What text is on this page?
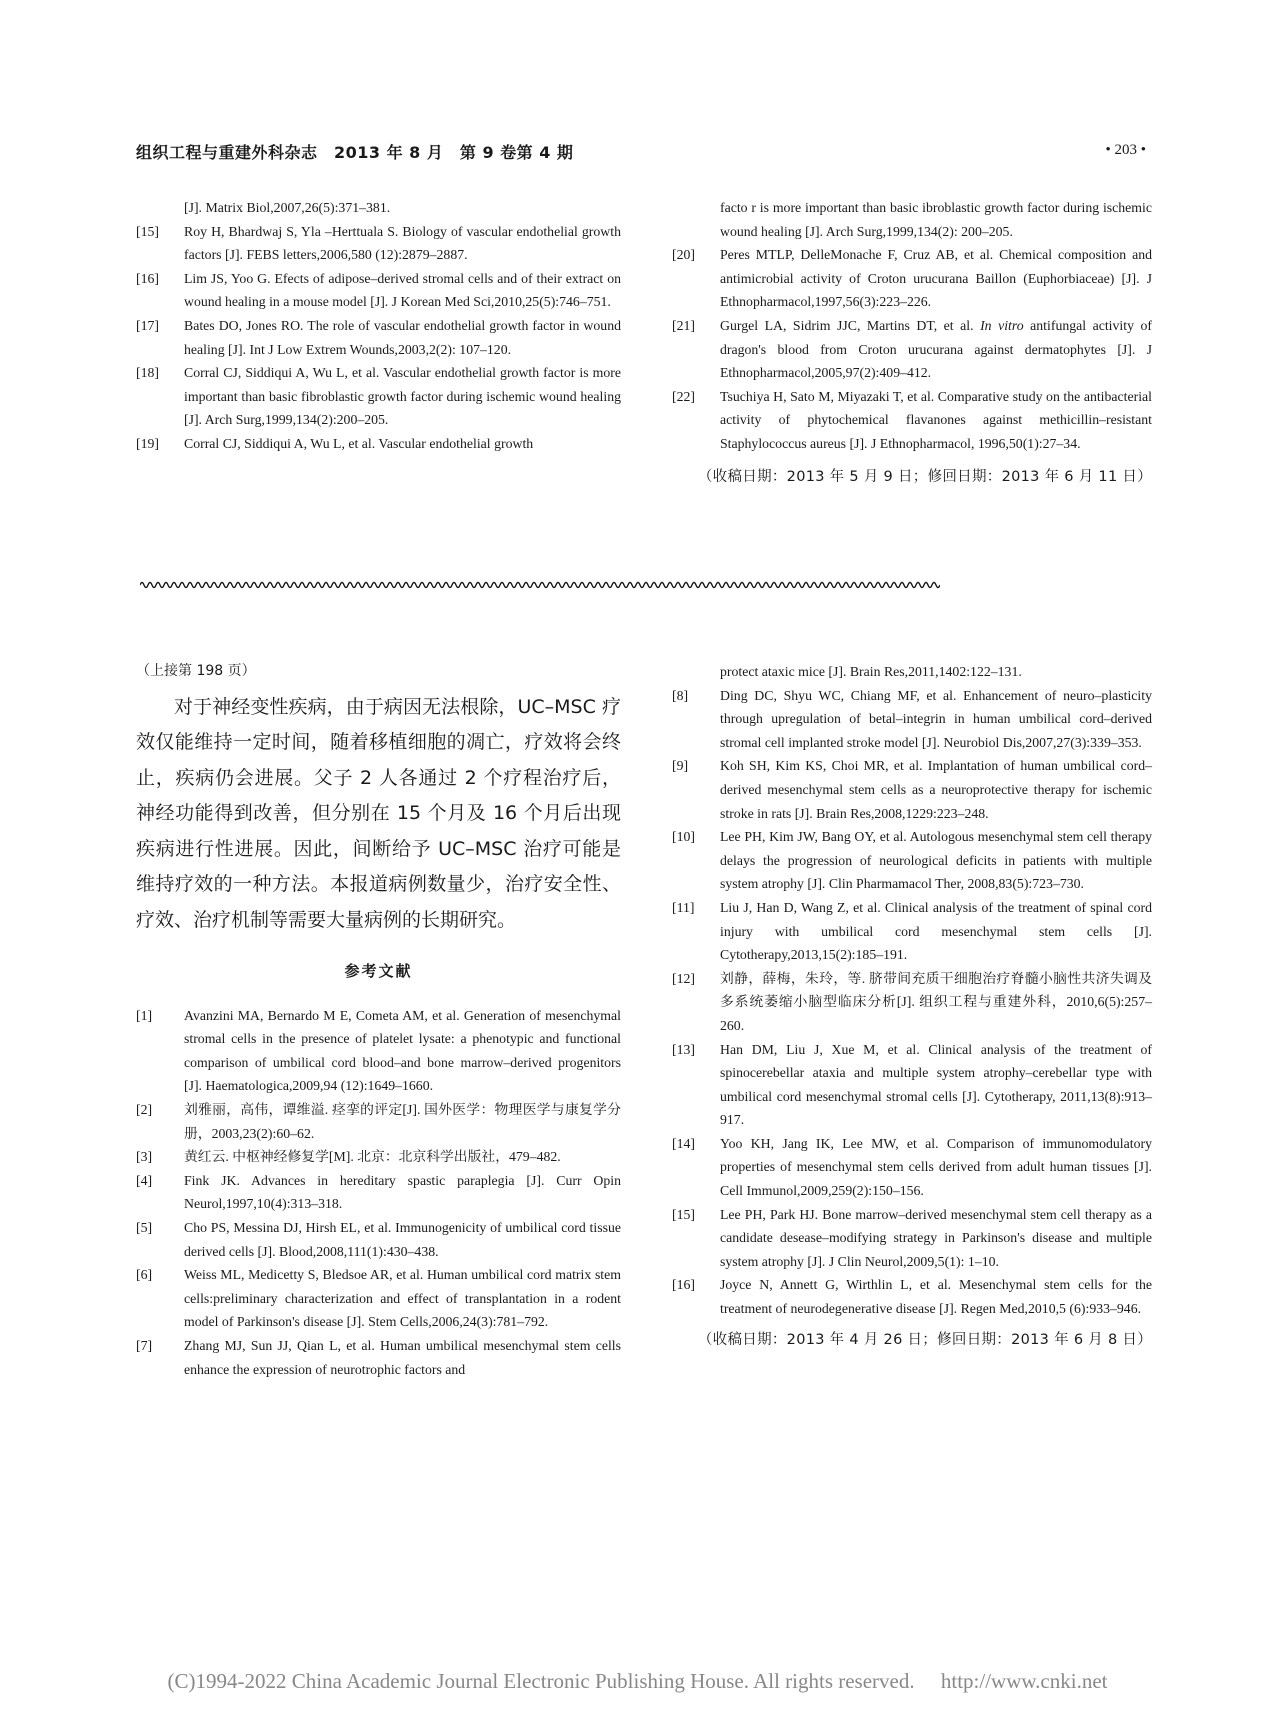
组织工程与重建外科杂志　2013 年 8 月　第 9 卷第 4 期	• 203 •
[J]. Matrix Biol,2007,26(5):371–381.
[15] Roy H, Bhardwaj S, Yla –Herttuala S. Biology of vascular endothelial growth factors [J]. FEBS letters,2006,580 (12):2879–2887.
[16] Lim JS, Yoo G. Efects of adipose–derived stromal cells and of their extract on wound healing in a mouse model [J]. J Korean Med Sci,2010,25(5):746–751.
[17] Bates DO, Jones RO. The role of vascular endothelial growth factor in wound healing [J]. Int J Low Extrem Wounds,2003,2(2): 107–120.
[18] Corral CJ, Siddiqui A, Wu L, et al. Vascular endothelial growth factor is more important than basic fibroblastic growth factor during ischemic wound healing [J]. Arch Surg,1999,134(2):200–205.
[19] Corral CJ, Siddiqui A, Wu L, et al. Vascular endothelial growth
facto r is more important than basic ibroblastic growth factor during ischemic wound healing [J]. Arch Surg,1999,134(2): 200–205.
[20] Peres MTLP, DelleMonache F, Cruz AB, et al. Chemical composition and antimicrobial activity of Croton urucurana Baillon (Euphorbiaceae) [J]. J Ethnopharmacol,1997,56(3):223–226.
[21] Gurgel LA, Sidrim JJC, Martins DT, et al. In vitro antifungal activity of dragon's blood from Croton urucurana against dermatophytes [J]. J Ethnopharmacol,2005,97(2):409–412.
[22] Tsuchiya H, Sato M, Miyazaki T, et al. Comparative study on the antibacterial activity of phytochemical flavanones against methicillin–resistant Staphylococcus aureus [J]. J Ethnopharmacol, 1996,50(1):27–34.
（收稿日期：2013 年 5 月 9 日；修回日期：2013 年 6 月 11 日）
（上接第 198 页）

对于神经变性疾病，由于病因无法根除，UC–MSC 疗效仅能维持一定时间，随着移植细胞的凋亡，疗效将会终止，疾病仍会进展。父子 2 人各通过 2 个疗程治疗后，神经功能得到改善，但分别在 15 个月及 16 个月后出现疾病进行性进展。因此，间断给予 UC–MSC 治疗可能是维持疗效的一种方法。本报道病例数量少，治疗安全性、疗效、治疗机制等需要大量病例的长期研究。

参考文献
[1] Avanzini MA, Bernardo M E, Cometa AM, et al. Generation of mesenchymal stromal cells in the presence of platelet lysate: a phenotypic and functional comparison of umbilical cord blood–and bone marrow–derived progenitors [J]. Haematologica,2009,94 (12):1649–1660.
[2] 刘雅丽，高伟，谭维溢. 痉挛的评定[J]. 国外医学：物理医学与康复学分册，2003,23(2):60–62.
[3] 黄红云. 中枢神经修复学[M]. 北京：北京科学出版社，479–482.
[4] Fink JK. Advances in hereditary spastic paraplegia [J]. Curr Opin Neurol,1997,10(4):313–318.
[5] Cho PS, Messina DJ, Hirsh EL, et al. Immunogenicity of umbilical cord tissue derived cells [J]. Blood,2008,111(1):430–438.
[6] Weiss ML, Medicetty S, Bledsoe AR, et al. Human umbilical cord matrix stem cells:preliminary characterization and effect of transplantation in a rodent model of Parkinson's disease [J]. Stem Cells,2006,24(3):781–792.
[7] Zhang MJ, Sun JJ, Qian L, et al. Human umbilical mesenchymal stem cells enhance the expression of neurotrophic factors and
protect ataxic mice [J]. Brain Res,2011,1402:122–131.
[8] Ding DC, Shyu WC, Chiang MF, et al. Enhancement of neuro–plasticity through upregulation of betal–integrin in human umbilical cord–derived stromal cell implanted stroke model [J]. Neurobiol Dis,2007,27(3):339–353.
[9] Koh SH, Kim KS, Choi MR, et al. Implantation of human umbilical cord–derived mesenchymal stem cells as a neuroprotective therapy for ischemic stroke in rats [J]. Brain Res,2008,1229:223–248.
[10] Lee PH, Kim JW, Bang OY, et al. Autologous mesenchymal stem cell therapy delays the progression of neurological deficits in patients with multiple system atrophy [J]. Clin Pharmamacol Ther, 2008,83(5):723–730.
[11] Liu J, Han D, Wang Z, et al. Clinical analysis of the treatment of spinal cord injury with umbilical cord mesenchymal stem cells [J]. Cytotherapy,2013,15(2):185–191.
[12] 刘静，薛梅，朱玲，等. 脐带间充质干细胞治疗脊髓小脑性共济失调及多系统萎缩小脑型临床分析[J]. 组织工程与重建外科，2010,6(5):257–260.
[13] Han DM, Liu J, Xue M, et al. Clinical analysis of the treatment of spinocerebellar ataxia and multiple system atrophy–cerebellar type with umbilical cord mesenchymal stromal cells [J]. Cytotherapy, 2011,13(8):913–917.
[14] Yoo KH, Jang IK, Lee MW, et al. Comparison of immunomodulatory properties of mesenchymal stem cells derived from adult human tissues [J]. Cell Immunol,2009,259(2):150–156.
[15] Lee PH, Park HJ. Bone marrow–derived mesenchymal stem cell therapy as a candidate desease–modifying strategy in Parkinson's disease and multiple system atrophy [J]. J Clin Neurol,2009,5(1): 1–10.
[16] Joyce N, Annett G, Wirthlin L, et al. Mesenchymal stem cells for the treatment of neurodegenerative disease [J]. Regen Med,2010,5 (6):933–946.
（收稿日期：2013 年 4 月 26 日；修回日期：2013 年 6 月 8 日）
(C)1994-2022 China Academic Journal Electronic Publishing House. All rights reserved.　 http://www.cnki.net
